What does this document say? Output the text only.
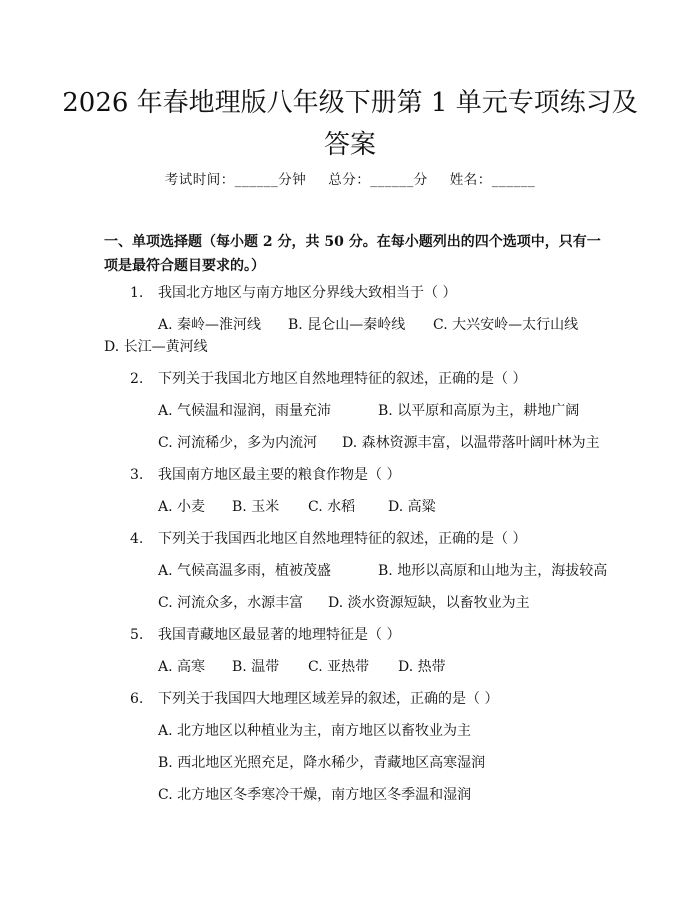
2026 年春地理版八年级下册第 1 单元专项练习及答案
考试时间：______分钟 总分：______分 姓名：______
一、单项选择题（每小题 2 分，共 50 分。在每小题列出的四个选项中，只有一项是最符合题目要求的。）
1. 我国北方地区与南方地区分界线大致相当于（ ）
A. 秦岭—淮河线 B. 昆仑山—秦岭线 C. 大兴安岭—太行山线
D. 长江—黄河线
2. 下列关于我国北方地区自然地理特征的叙述，正确的是（ ）
A. 气候温和湿润，雨量充沛	B. 以平原和高原为主，耕地广阔
C. 河流稀少，多为内流河 D. 森林资源丰富，以温带落叶阔叶林为主
3. 我国南方地区最主要的粮食作物是（ ）
A. 小麦 B. 玉米 C. 水稻 D. 高粱
4. 下列关于我国西北地区自然地理特征的叙述，正确的是（ ）
A. 气候高温多雨，植被茂盛	B. 地形以高原和山地为主，海拔较高
C. 河流众多，水源丰富 D. 淡水资源短缺，以畜牧业为主
5. 我国青藏地区最显著的地理特征是（ ）
A. 高寒 B. 温带 C. 亚热带 D. 热带
6. 下列关于我国四大地理区域差异的叙述，正确的是（ ）
A. 北方地区以种植业为主，南方地区以畜牧业为主
B. 西北地区光照充足，降水稀少，青藏地区高寒湿润
C. 北方地区冬季寒冷干燥，南方地区冬季温和湿润
